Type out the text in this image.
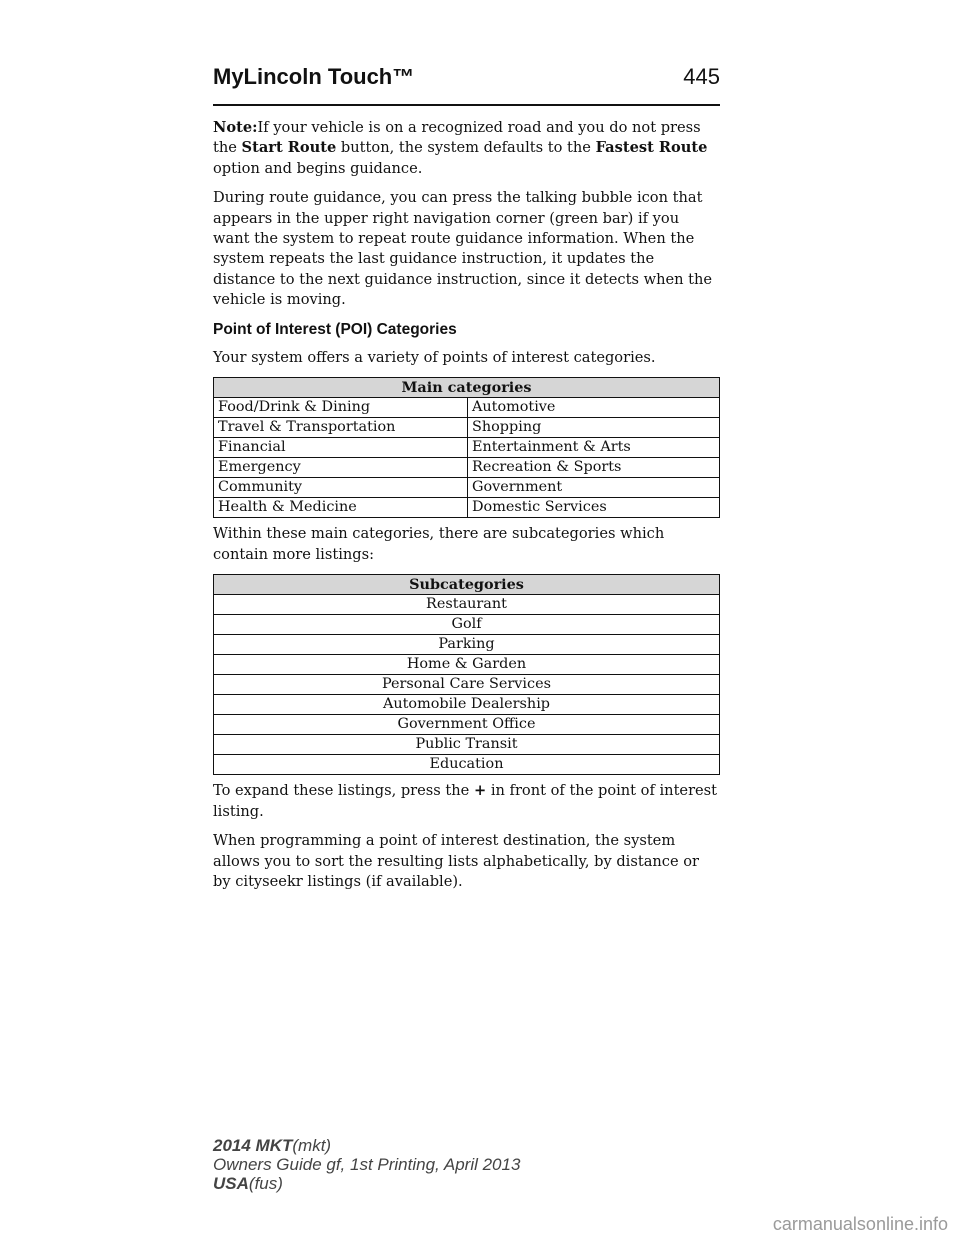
MyLincoln Touch™	445

Note:If your vehicle is on a recognized road and you do not press the Start Route button, the system defaults to the Fastest Route option and begins guidance.

During route guidance, you can press the talking bubble icon that appears in the upper right navigation corner (green bar) if you want the system to repeat route guidance information. When the system repeats the last guidance instruction, it updates the distance to the next guidance instruction, since it detects when the vehicle is moving.

Point of Interest (POI) Categories

Your system offers a variety of points of interest categories.

Main categories	
Food/Drink & Dining	Automotive
Travel & Transportation	Shopping
Financial	Entertainment & Arts
Emergency	Recreation & Sports
Community	Government
Health & Medicine	Domestic Services

Within these main categories, there are subcategories which contain more listings:

Subcategories
Restaurant
Golf
Parking
Home & Garden
Personal Care Services
Automobile Dealership
Government Office
Public Transit
Education

To expand these listings, press the + in front of the point of interest listing.

When programming a point of interest destination, the system allows you to sort the resulting lists alphabetically, by distance or by cityseekr listings (if available).

2014 MKT(mkt)
Owners Guide gf, 1st Printing, April 2013
USA(fus)
carmanualsonline.info
